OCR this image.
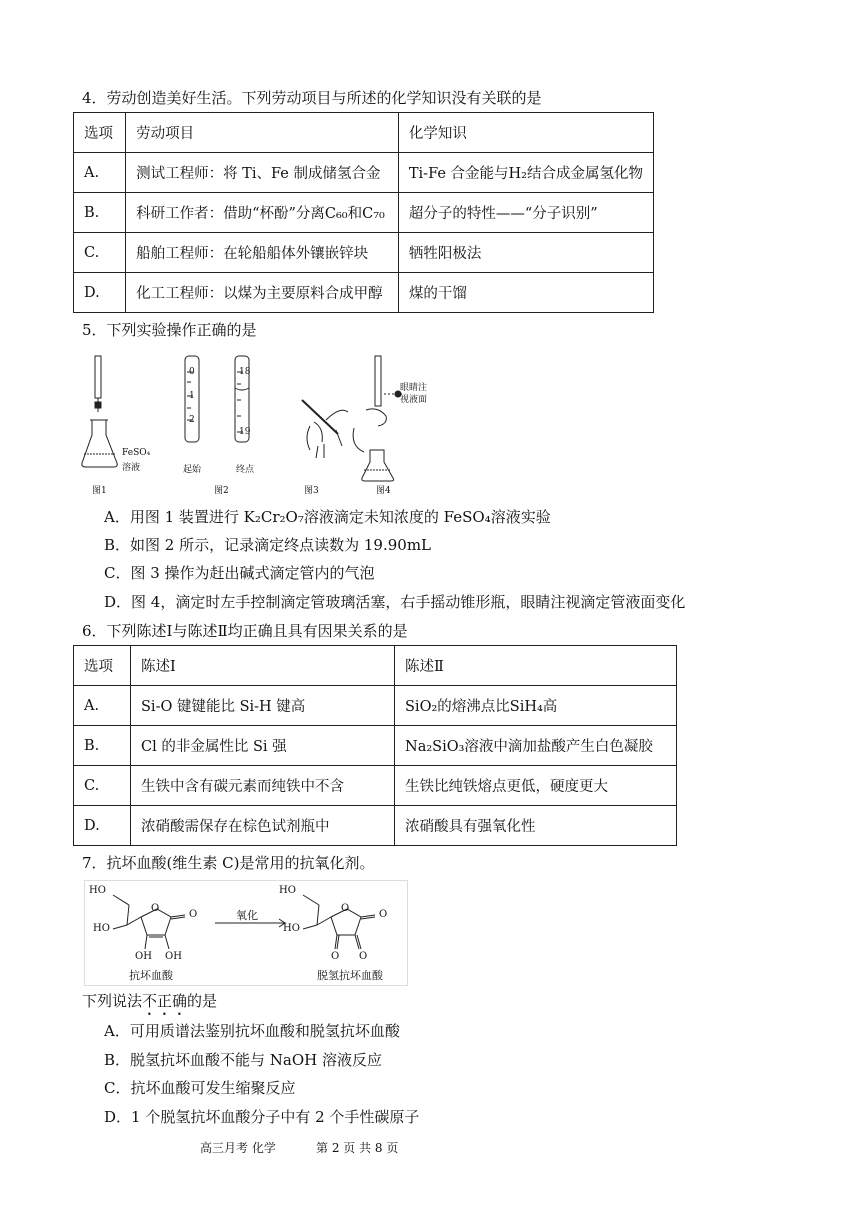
4．劳动创造美好生活。下列劳动项目与所述的化学知识没有关联的是
选项	劳动项目	化学知识
A.	测试工程师：将 Ti、Fe 制成储氢合金	Ti-Fe 合金能与H₂结合成金属氢化物
B.	科研工作者：借助“杯酚”分离C₆₀和C₇₀	超分子的特性——“分子识别”
C.	船舶工程师：在轮船船体外镶嵌锌块	牺牲阳极法
D.	化工工程师：以煤为主要原料合成甲醇	煤的干馏
5．下列实验操作正确的是
FeSO₄
溶液
图1
0
1
2
18
19
起始	终点
图2	图3
眼睛注
视液面
图4
A．用图 1 装置进行 K₂Cr₂O₇溶液滴定未知浓度的 FeSO₄溶液实验
B．如图 2 所示，记录滴定终点读数为 19.90mL
C．图 3 操作为赶出碱式滴定管内的气泡
D．图 4，滴定时左手控制滴定管玻璃活塞，右手摇动锥形瓶，眼睛注视滴定管液面变化
6．下列陈述Ⅰ与陈述Ⅱ均正确且具有因果关系的是
选项	陈述Ⅰ	陈述Ⅱ
A.	Si-O 键键能比 Si-H 键高	SiO₂的熔沸点比SiH₄高
B.	Cl 的非金属性比 Si 强	Na₂SiO₃溶液中滴加盐酸产生白色凝胶
C.	生铁中含有碳元素而纯铁中不含	生铁比纯铁熔点更低，硬度更大
D.	浓硝酸需保存在棕色试剂瓶中	浓硝酸具有强氧化性
7．抗坏血酸(维生素 C)是常用的抗氧化剂。
HO
HO
O
O
OH OH
氧化
HO
HO
O
O
O O
抗坏血酸	脱氢抗坏血酸
下列说法不正确的是
A．可用质谱法鉴别抗坏血酸和脱氢抗坏血酸
B．脱氢抗坏血酸不能与 NaOH 溶液反应
C．抗坏血酸可发生缩聚反应
D．1 个脱氢抗坏血酸分子中有 2 个手性碳原子
高三月考 化学	第 2 页 共 8 页
